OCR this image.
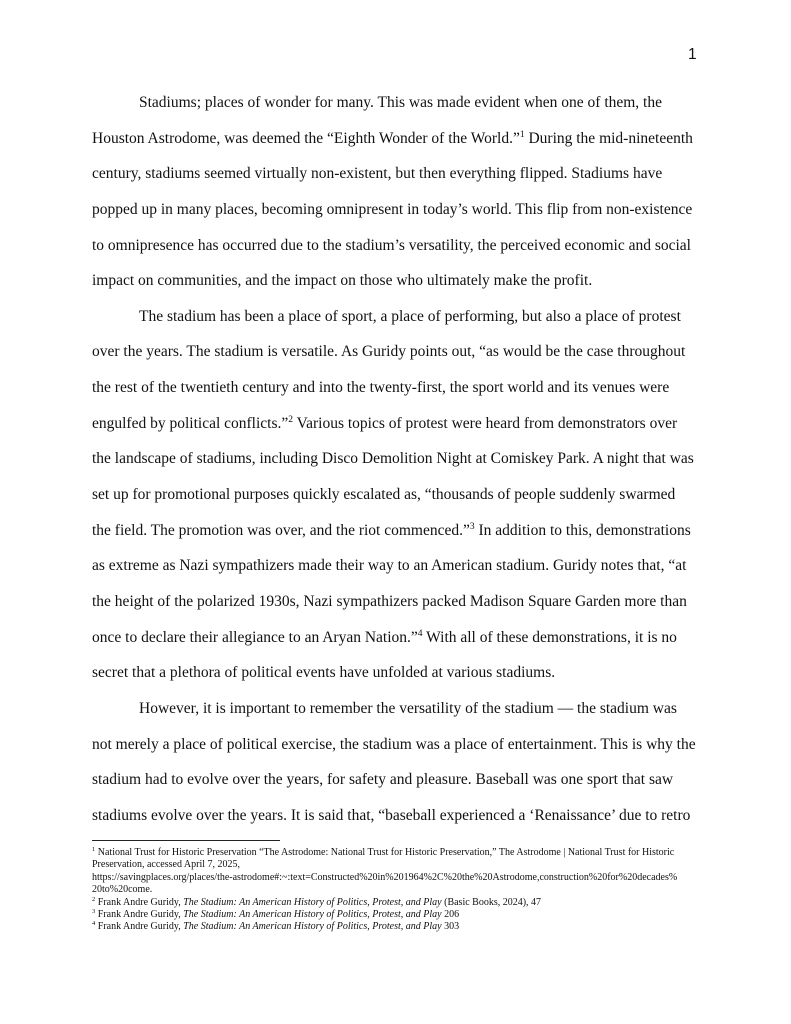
1
Stadiums; places of wonder for many. This was made evident when one of them, the
Houston Astrodome, was deemed the “Eighth Wonder of the World.”$^1$ During the mid-nineteenth
century, stadiums seemed virtually non-existent, but then everything flipped. Stadiums have
popped up in many places, becoming omnipresent in today’s world. This flip from non-existence
to omnipresence has occurred due to the stadium’s versatility, the perceived economic and social
impact on communities, and the impact on those who ultimately make the profit.
The stadium has been a place of sport, a place of performing, but also a place of protest
over the years. The stadium is versatile. As Guridy points out, “as would be the case throughout
the rest of the twentieth century and into the twenty-first, the sport world and its venues were
engulfed by political conflicts.”$^2$ Various topics of protest were heard from demonstrators over
the landscape of stadiums, including Disco Demolition Night at Comiskey Park. A night that was
set up for promotional purposes quickly escalated as, “thousands of people suddenly swarmed
the field. The promotion was over, and the riot commenced.”$^3$ In addition to this, demonstrations
as extreme as Nazi sympathizers made their way to an American stadium. Guridy notes that, “at
the height of the polarized 1930s, Nazi sympathizers packed Madison Square Garden more than
once to declare their allegiance to an Aryan Nation.”$^4$ With all of these demonstrations, it is no
secret that a plethora of political events have unfolded at various stadiums.
However, it is important to remember the versatility of the stadium — the stadium was
not merely a place of political exercise, the stadium was a place of entertainment. This is why the
stadium had to evolve over the years, for safety and pleasure. Baseball was one sport that saw
stadiums evolve over the years. It is said that, “baseball experienced a ‘Renaissance’ due to retro
$^1$ National Trust for Historic Preservation “The Astrodome: National Trust for Historic Preservation,” The Astrodome | National Trust for Historic
Preservation, accessed April 7, 2025,
https://savingplaces.org/places/the-astrodome#:~:text=Constructed%20in%201964%2C%20the%20Astrodome,construction%20for%20decades%
20to%20come.
$^2$ Frank Andre Guridy, The Stadium: An American History of Politics, Protest, and Play (Basic Books, 2024), 47
$^3$ Frank Andre Guridy, The Stadium: An American History of Politics, Protest, and Play 206
$^4$ Frank Andre Guridy, The Stadium: An American History of Politics, Protest, and Play 303
